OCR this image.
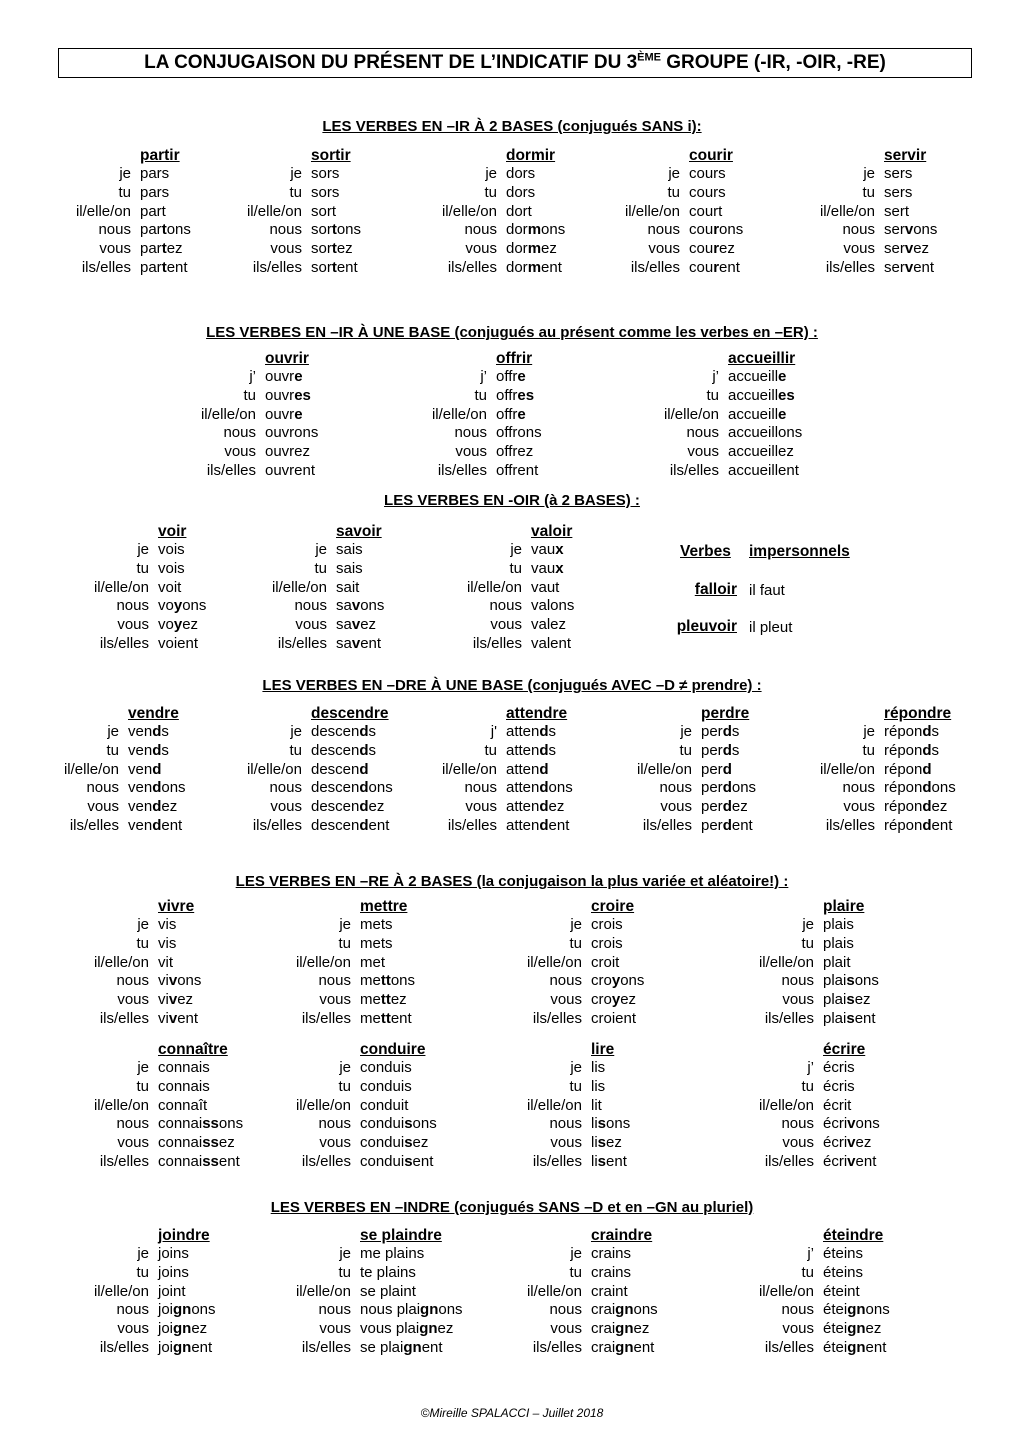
LA CONJUGAISON DU PRÉSENT DE L’INDICATIF DU 3ÈME GROUPE (-IR, -OIR, -RE)
LES VERBES EN –IR À 2 BASES (conjugués SANS i):
partir
je pars
tu pars
il/elle/on part
nous partons
vous partez
ils/elles partent
sortir
je sors
tu sors
il/elle/on sort
nous sortons
vous sortez
ils/elles sortent
dormir
je dors
tu dors
il/elle/on dort
nous dormons
vous dormez
ils/elles dorment
courir
je cours
tu cours
il/elle/on court
nous courons
vous courez
ils/elles courent
servir
je sers
tu sers
il/elle/on sert
nous servons
vous servez
ils/elles servent
LES VERBES EN –IR À UNE BASE (conjugués au présent comme les verbes en –ER) :
ouvrir
j’ ouvre
tu ouvres
il/elle/on ouvre
nous ouvrons
vous ouvrez
ils/elles ouvrent
offrir
j’ offre
tu offres
il/elle/on offre
nous offrons
vous offrez
ils/elles offrent
accueillir
j’ accueille
tu accueilles
il/elle/on accueille
nous accueillons
vous accueillez
ils/elles accueillent
LES VERBES EN -OIR (à 2 BASES) :
voir
je vois
tu vois
il/elle/on voit
nous voyons
vous voyez
ils/elles voient
savoir
je sais
tu sais
il/elle/on sait
nous savons
vous savez
ils/elles savent
valoir
je vaux
tu vaux
il/elle/on vaut
nous valons
vous valez
ils/elles valent
Verbes impersonnels
falloir il faut
pleuvoir il pleut
LES VERBES EN –DRE À UNE BASE (conjugués AVEC –D ≠ prendre) :
vendre
je vends
tu vends
il/elle/on vend
nous vendons
vous vendez
ils/elles vendent
descendre
je descends
tu descends
il/elle/on descend
nous descendons
vous descendez
ils/elles descendent
attendre
j' attends
tu attends
il/elle/on attend
nous attendons
vous attendez
ils/elles attendent
perdre
je perds
tu perds
il/elle/on perd
nous perdons
vous perdez
ils/elles perdent
répondre
je réponds
tu réponds
il/elle/on répond
nous répondons
vous répondez
ils/elles répondent
LES VERBES EN –RE À 2 BASES (la conjugaison la plus variée et aléatoire!) :
vivre
je vis
tu vis
il/elle/on vit
nous vivons
vous vivez
ils/elles vivent
mettre
je mets
tu mets
il/elle/on met
nous mettons
vous mettez
ils/elles mettent
croire
je crois
tu crois
il/elle/on croit
nous croyons
vous croyez
ils/elles croient
plaire
je plais
tu plais
il/elle/on plait
nous plaisons
vous plaisez
ils/elles plaisent
connaître
je connais
tu connais
il/elle/on connaît
nous connaissons
vous connaissez
ils/elles connaissent
conduire
je conduis
tu conduis
il/elle/on conduit
nous conduisons
vous conduisez
ils/elles conduisent
lire
je lis
tu lis
il/elle/on lit
nous lisons
vous lisez
ils/elles lisent
écrire
j’ écris
tu écris
il/elle/on écrit
nous écrivons
vous écrivez
ils/elles écrivent
LES VERBES EN –INDRE (conjugués SANS –D et en –GN au pluriel)
joindre
je joins
tu joins
il/elle/on joint
nous joignons
vous joignez
ils/elles joignent
se plaindre
je me plains
tu te plains
il/elle/on se plaint
nous nous plaignons
vous vous plaignez
ils/elles se plaignent
craindre
je crains
tu crains
il/elle/on craint
nous craignons
vous craignez
ils/elles craignent
éteindre
j’ éteins
tu éteins
il/elle/on éteint
nous éteignons
vous éteignez
ils/elles éteignent
©Mireille SPALACCI – Juillet 2018
